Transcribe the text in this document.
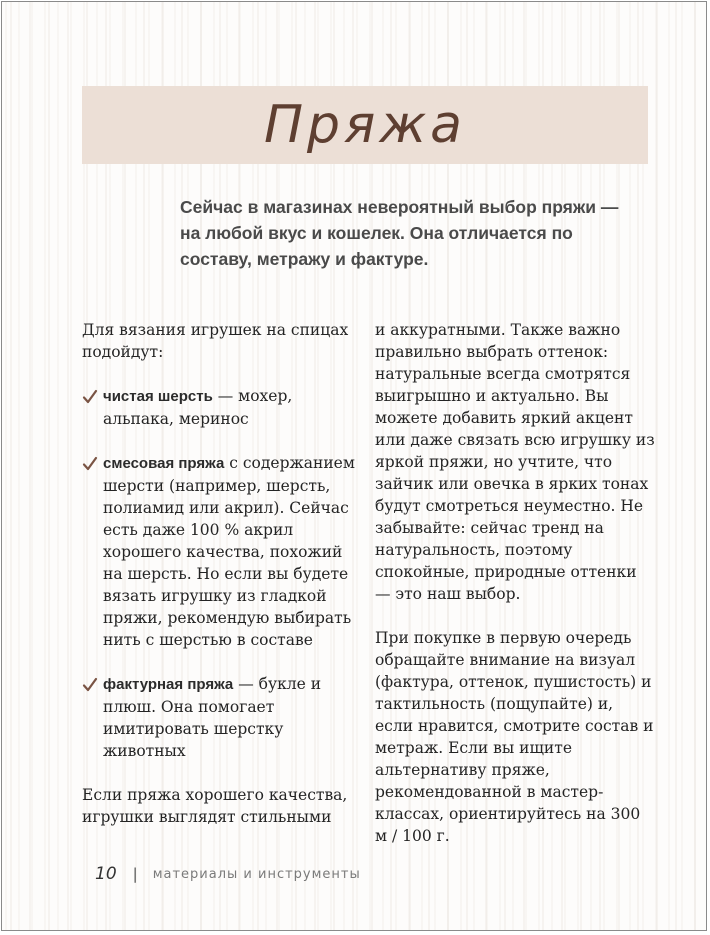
Пряжа

Сейчас в магазинах невероятный выбор пряжи — на любой вкус и кошелек. Она отличается по составу, метражу и фактуре.

Для вязания игрушек на спицах подойдут:

чистая шерсть — мохер, альпака, меринос
смесовая пряжа с содержанием шерсти (например, шерсть, полиамид или акрил). Сейчас есть даже 100 % акрил хорошего качества, похожий на шерсть. Но если вы будете вязать игрушку из гладкой пряжи, рекомендую выбирать нить с шерстью в составе
фактурная пряжа — букле и плюш. Она помогает имитировать шерстку животных

Если пряжа хорошего качества, игрушки выглядят стильными

и аккуратными. Также важно правильно выбрать оттенок: натуральные всегда смотрятся выигрышно и актуально. Вы можете добавить яркий акцент или даже связать всю игрушку из яркой пряжи, но учтите, что зайчик или овечка в ярких тонах будут смотреться неуместно. Не забывайте: сейчас тренд на натуральность, поэтому спокойные, природные оттенки — это наш выбор.

При покупке в первую очередь обращайте внимание на визуал (фактура, оттенок, пушистость) и тактильность (пощупайте) и, если нравится, смотрите состав и метраж. Если вы ищите альтернативу пряже, рекомендованной в мастер-классах, ориентируйтесь на 300 м / 100 г.

10 | материалы и инструменты
